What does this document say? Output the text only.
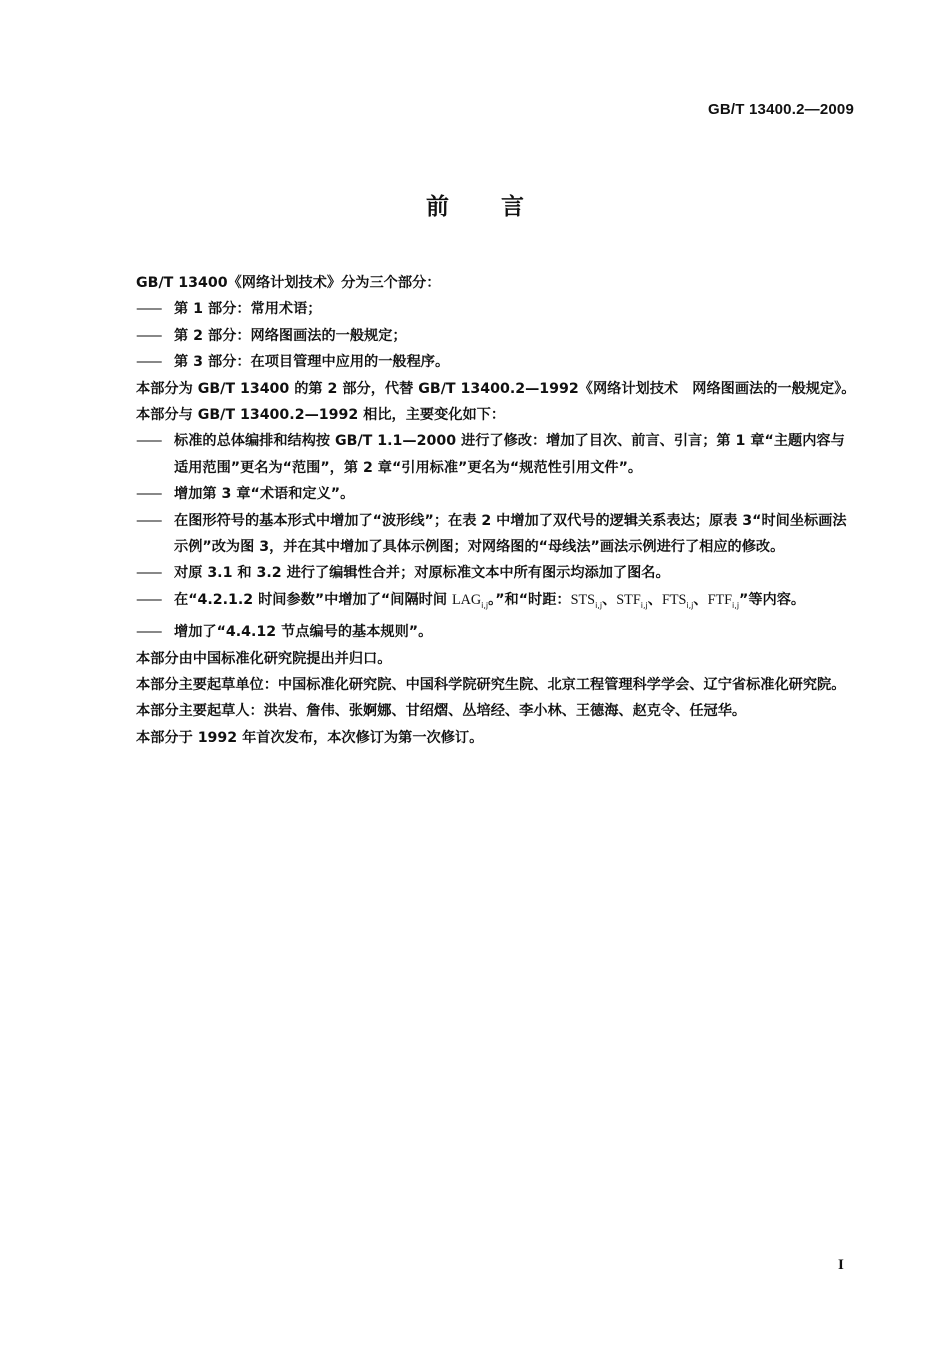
GB/T 13400.2—2009
前言

GB/T 13400《网络计划技术》分为三个部分：

—— 第 1 部分：常用术语；
—— 第 2 部分：网络图画法的一般规定；
—— 第 3 部分：在项目管理中应用的一般程序。

本部分为 GB/T 13400 的第 2 部分，代替 GB/T 13400.2—1992《网络计划技术　网络图画法的一般规定》。

本部分与 GB/T 13400.2—1992 相比，主要变化如下：

—— 标准的总体编排和结构按 GB/T 1.1—2000 进行了修改：增加了目次、前言、引言；第 1 章“主题内容与适用范围”更名为“范围”，第 2 章“引用标准”更名为“规范性引用文件”。
—— 增加第 3 章“术语和定义”。
—— 在图形符号的基本形式中增加了“波形线”；在表 2 中增加了双代号的逻辑关系表达；原表 3“时间坐标画法示例”改为图 3，并在其中增加了具体示例图；对网络图的“母线法”画法示例进行了相应的修改。
—— 对原 3.1 和 3.2 进行了编辑性合并；对原标准文本中所有图示均添加了图名。
—— 在“4.2.1.2 时间参数”中增加了“间隔时间 $LAG_{i,j}$。”和“时距：$STS_{i,j}$、$STF_{i,j}$、$FTS_{i,j}$、$FTF_{i,j}$”等内容。
—— 增加了“4.4.12 节点编号的基本规则”。

本部分由中国标准化研究院提出并归口。

本部分主要起草单位：中国标准化研究院、中国科学院研究生院、北京工程管理科学学会、辽宁省标准化研究院。

本部分主要起草人：洪岩、詹伟、张婀娜、甘绍熠、丛培经、李小林、王德海、赵克令、任冠华。

本部分于 1992 年首次发布，本次修订为第一次修订。

I
